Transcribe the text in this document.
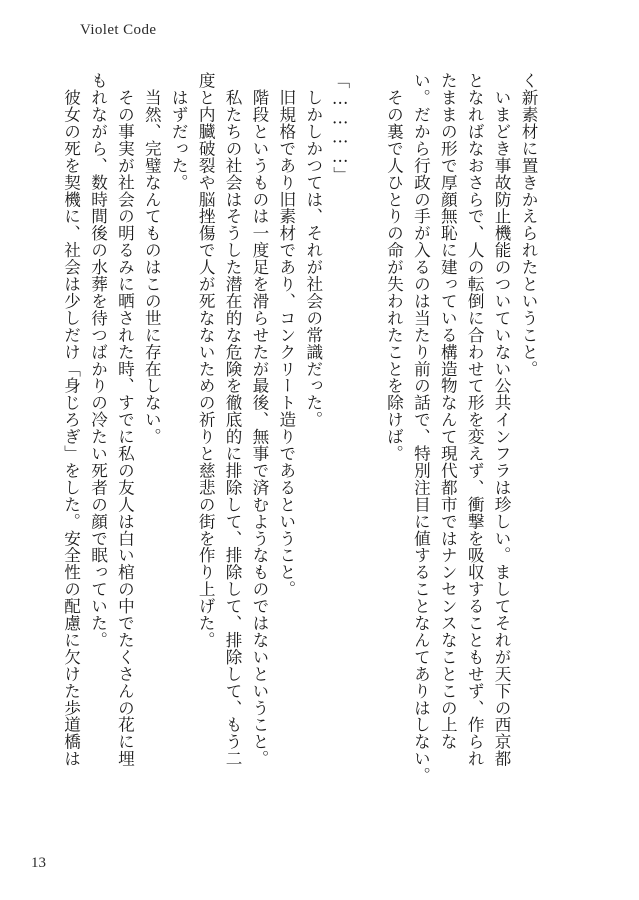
Violet Code
く新素材に置きかえられたということ。
　いまどき事故防止機能のついていない公共インフラは珍しい。ましてそれが天下の西京都
となればなおさらで、人の転倒に合わせて形を変えず、衝撃を吸収することもせず、作られ
たままの形で厚顔無恥に建っている構造物なんて現代都市ではナンセンスなことこの上な
い。だから行政の手が入るのは当たり前の話で、特別注目に値することなんてありはしない。
　その裏で人ひとりの命が失われたことを除けば。

「…………」
　しかしかつては、それが社会の常識だった。
　旧規格であり旧素材であり、コンクリート造りであるということ。
　階段というものは一度足を滑らせたが最後、無事で済むようなものではないということ。
　私たちの社会はそうした潜在的な危険を徹底的に排除して、排除して、排除して、もう二
度と内臓破裂や脳挫傷で人が死なないための祈りと慈悲の街を作り上げた。
　はずだった。
　当然、完璧なんてものはこの世に存在しない。
　その事実が社会の明るみに晒された時、すでに私の友人は白い棺の中でたくさんの花に埋
もれながら、数時間後の水葬を待つばかりの冷たい死者の顔で眠っていた。
　彼女の死を契機に、社会は少しだけ「身じろぎ」をした。安全性の配慮に欠けた歩道橋は
13
